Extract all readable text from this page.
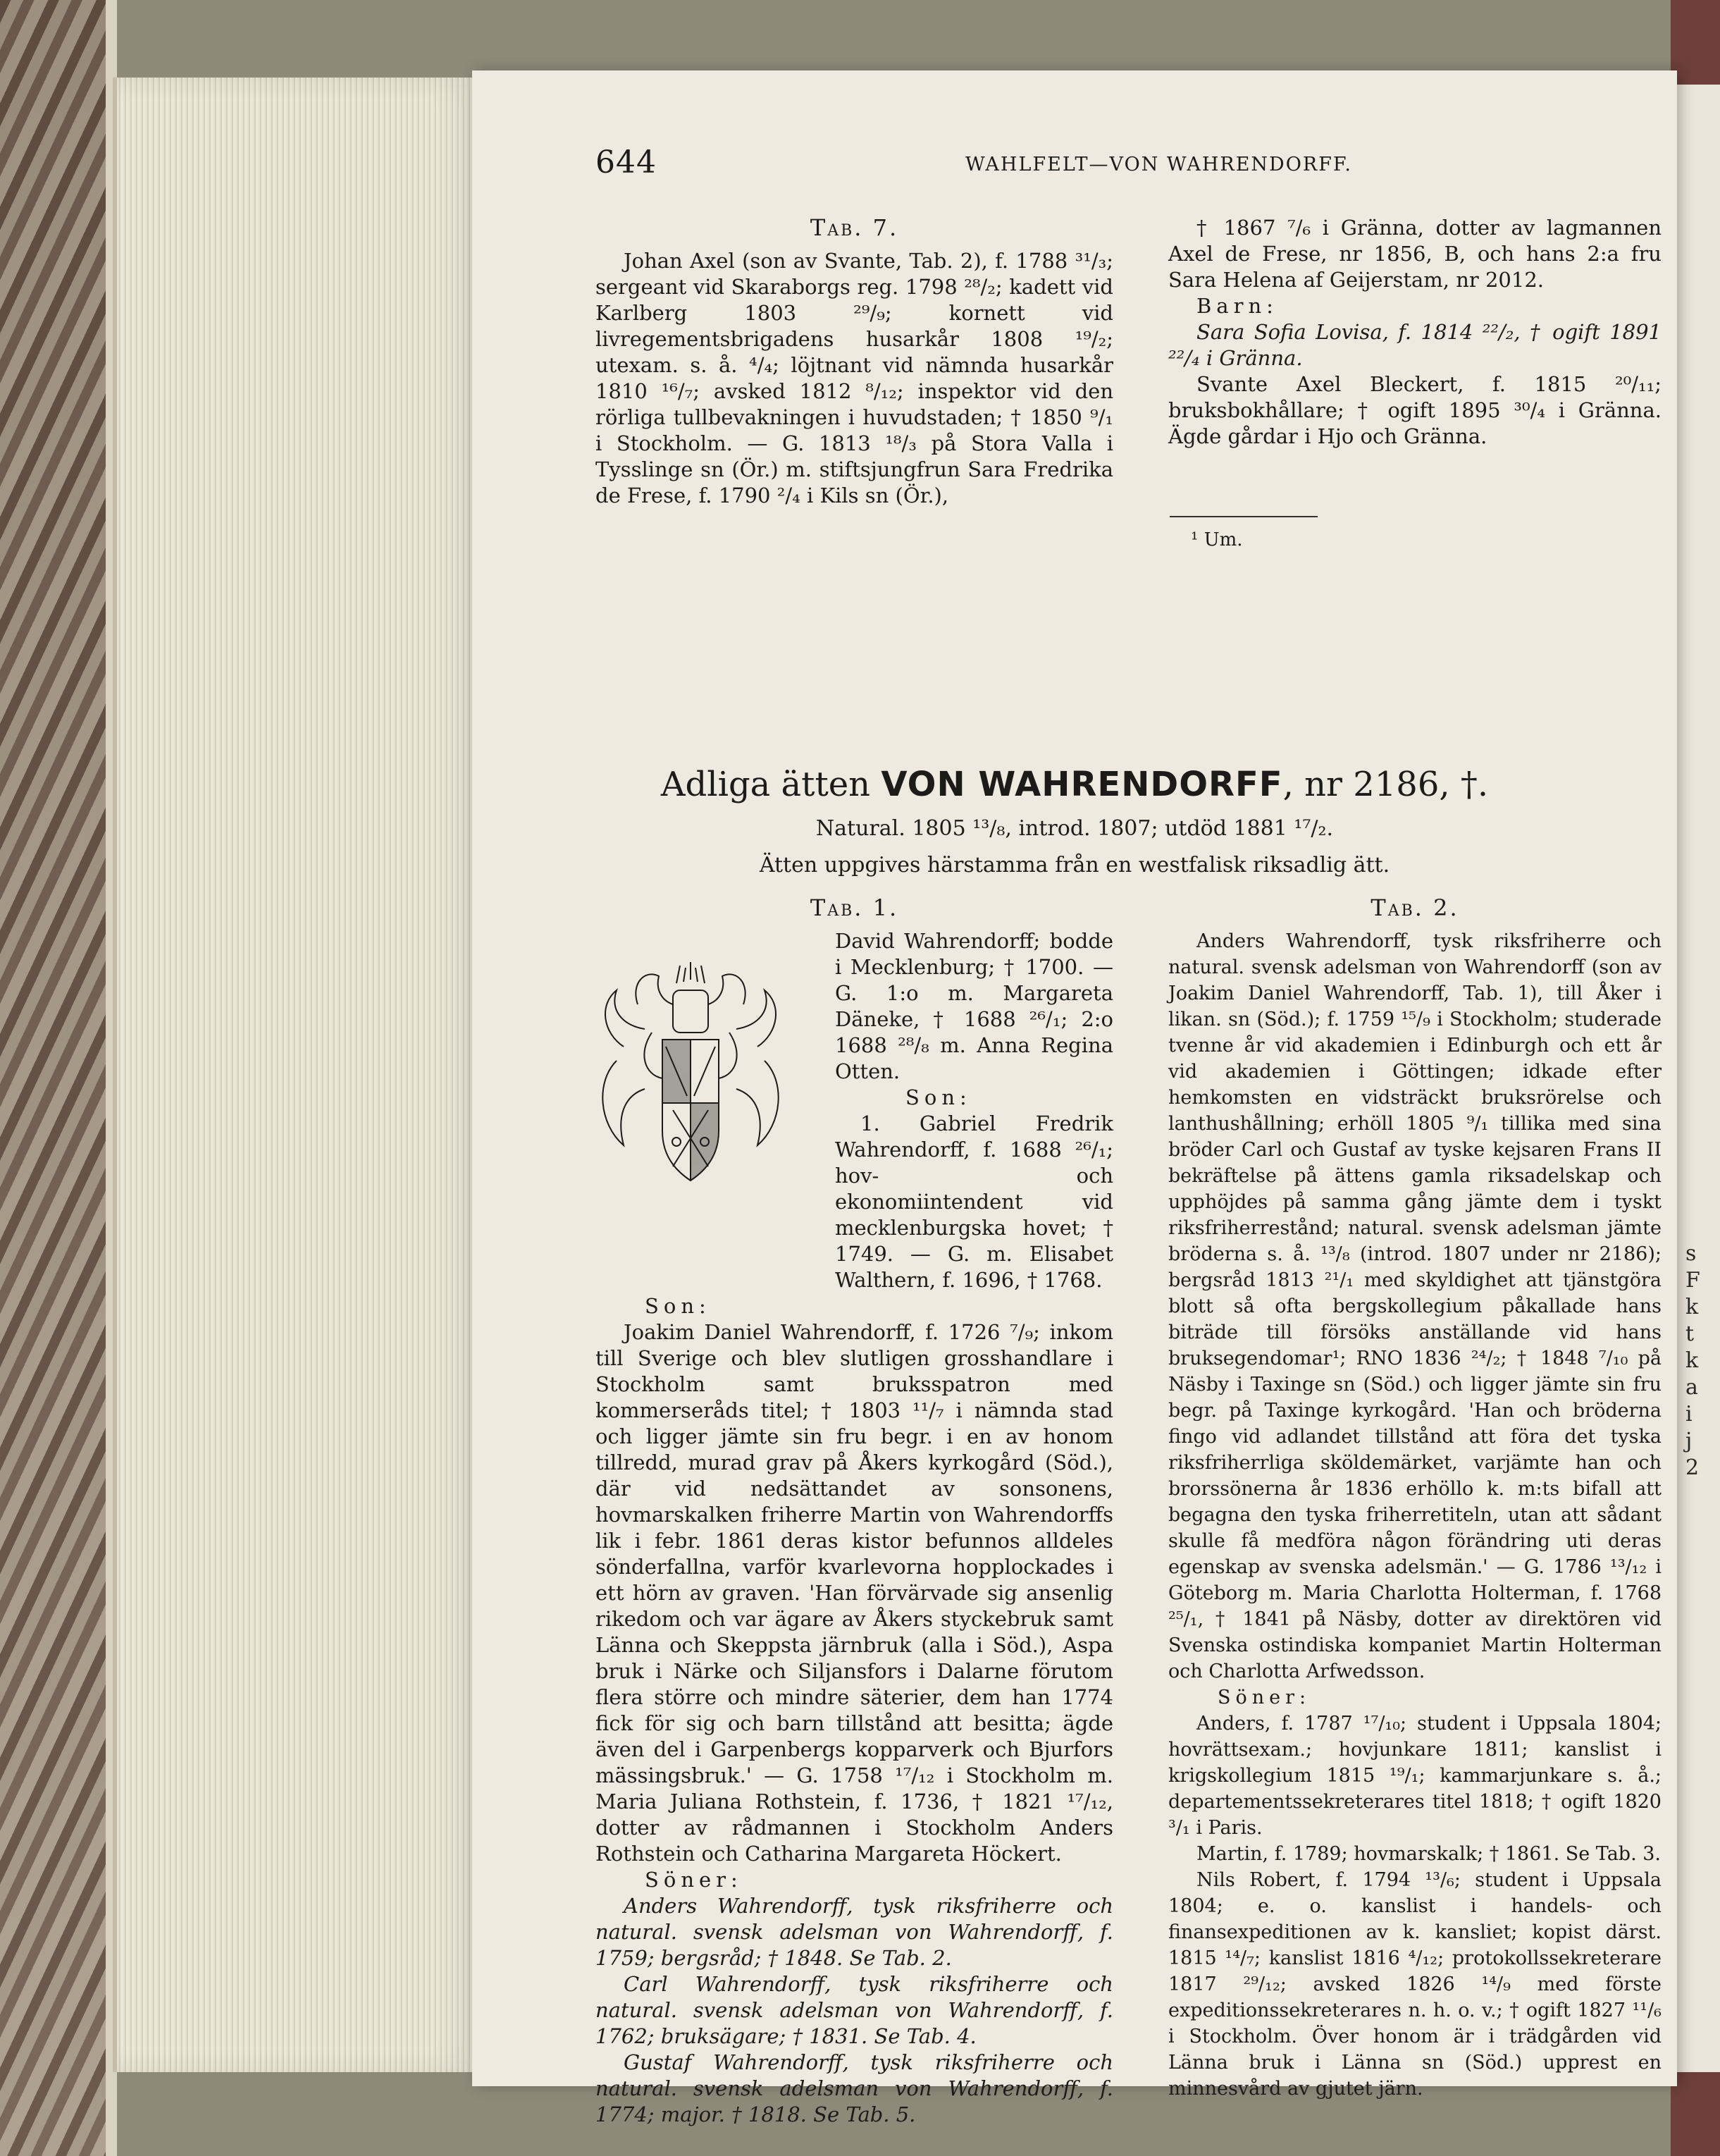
s
F
k
t
k
a
i
j
2
644	WAHLFELT—VON WAHRENDORFF.
Tab. 7.

Johan Axel (son av Svante, Tab. 2), f. 1788 ³¹/₃; sergeant vid Skaraborgs reg. 1798 ²⁸/₂; kadett vid Karlberg 1803 ²⁹/₉; kornett vid livregementsbrigadens husarkår 1808 ¹⁹/₂; utexam. s. å. ⁴/₄; löjtnant vid nämnda husarkår 1810 ¹⁶/₇; avsked 1812 ⁸/₁₂; inspektor vid den rörliga tullbevakningen i huvudstaden; † 1850 ⁹/₁ i Stockholm. — G. 1813 ¹⁸/₃ på Stora Valla i Tysslinge sn (Ör.) m. stiftsjungfrun Sara Fredrika de Frese, f. 1790 ²/₄ i Kils sn (Ör.),

† 1867 ⁷/₆ i Gränna, dotter av lagmannen Axel de Frese, nr 1856, B, och hans 2:a fru Sara Helena af Geijerstam, nr 2012.

Barn:

Sara Sofia Lovisa, f. 1814 ²²/₂, † ogift 1891 ²²/₄ i Gränna.

Svante Axel Bleckert, f. 1815 ²⁰/₁₁; bruksbokhållare; † ogift 1895 ³⁰/₄ i Gränna. Ägde gårdar i Hjo och Gränna.

¹ Um.
Adliga ätten VON WAHRENDORFF, nr 2186, †.
Natural. 1805 ¹³/₈, introd. 1807; utdöd 1881 ¹⁷/₂.
Ätten uppgives härstamma från en westfalisk riksadlig ätt.
Tab. 1.

David Wahrendorff; bodde i Mecklenburg; † 1700. — G. 1:o m. Margareta Däneke, † 1688 ²⁶/₁; 2:o 1688 ²⁸/₈ m. Anna Regina Otten.

Son:

1. Gabriel Fredrik Wahrendorff, f. 1688 ²⁶/₁; hov- och ekonomiintendent vid mecklenburgska hovet; † 1749. — G. m. Elisabet Walthern, f. 1696, † 1768.

Son:

Joakim Daniel Wahrendorff, f. 1726 ⁷/₉; inkom till Sverige och blev slutligen grosshandlare i Stockholm samt bruksspatron med kommerseråds titel; † 1803 ¹¹/₇ i nämnda stad och ligger jämte sin fru begr. i en av honom tillredd, murad grav på Åkers kyrkogård (Söd.), där vid nedsättandet av sonsonens, hovmarskalken friherre Martin von Wahrendorffs lik i febr. 1861 deras kistor befunnos alldeles sönderfallna, varför kvarlevorna hopplockades i ett hörn av graven. 'Han förvärvade sig ansenlig rikedom och var ägare av Åkers styckebruk samt Länna och Skeppsta järnbruk (alla i Söd.), Aspa bruk i Närke och Siljansfors i Dalarne förutom flera större och mindre säterier, dem han 1774 fick för sig och barn tillstånd att besitta; ägde även del i Garpenbergs kopparverk och Bjurfors mässingsbruk.' — G. 1758 ¹⁷/₁₂ i Stockholm m. Maria Juliana Rothstein, f. 1736, † 1821 ¹⁷/₁₂, dotter av rådmannen i Stockholm Anders Rothstein och Catharina Margareta Höckert.

Söner:

Anders Wahrendorff, tysk riksfriherre och natural. svensk adelsman von Wahrendorff, f. 1759; bergsråd; † 1848. Se Tab. 2.

Carl Wahrendorff, tysk riksfriherre och natural. svensk adelsman von Wahrendorff, f. 1762; bruksägare; † 1831. Se Tab. 4.

Gustaf Wahrendorff, tysk riksfriherre och natural. svensk adelsman von Wahrendorff, f. 1774; major. † 1818. Se Tab. 5.

Tab. 2.

Anders Wahrendorff, tysk riksfriherre och natural. svensk adelsman von Wahrendorff (son av Joakim Daniel Wahrendorff, Tab. 1), till Åker i likan. sn (Söd.); f. 1759 ¹⁵/₉ i Stockholm; studerade tvenne år vid akademien i Edinburgh och ett år vid akademien i Göttingen; idkade efter hemkomsten en vidsträckt bruksrörelse och lanthushållning; erhöll 1805 ⁹/₁ tillika med sina bröder Carl och Gustaf av tyske kejsaren Frans II bekräftelse på ättens gamla riksadelskap och upphöjdes på samma gång jämte dem i tyskt riksfriherrestånd; natural. svensk adelsman jämte bröderna s. å. ¹³/₈ (introd. 1807 under nr 2186); bergsråd 1813 ²¹/₁ med skyldighet att tjänstgöra blott så ofta bergskollegium påkallade hans biträde till försöks anställande vid hans bruksegendomar¹; RNO 1836 ²⁴/₂; † 1848 ⁷/₁₀ på Näsby i Taxinge sn (Söd.) och ligger jämte sin fru begr. på Taxinge kyrkogård. 'Han och bröderna fingo vid adlandet tillstånd att föra det tyska riksfriherrliga sköldemärket, varjämte han och brorssönerna år 1836 erhöllo k. m:ts bifall att begagna den tyska friherretiteln, utan att sådant skulle få medföra någon förändring uti deras egenskap av svenska adelsmän.' — G. 1786 ¹³/₁₂ i Göteborg m. Maria Charlotta Holterman, f. 1768 ²⁵/₁, † 1841 på Näsby, dotter av direktören vid Svenska ostindiska kompaniet Martin Holterman och Charlotta Arfwedsson.

Söner:

Anders, f. 1787 ¹⁷/₁₀; student i Uppsala 1804; hovrättsexam.; hovjunkare 1811; kanslist i krigskollegium 1815 ¹⁹/₁; kammarjunkare s. å.; departementssekreterares titel 1818; † ogift 1820 ³/₁ i Paris.

Martin, f. 1789; hovmarskalk; † 1861. Se Tab. 3.

Nils Robert, f. 1794 ¹³/₆; student i Uppsala 1804; e. o. kanslist i handels- och finansexpeditionen av k. kansliet; kopist därst. 1815 ¹⁴/₇; kanslist 1816 ⁴/₁₂; protokollssekreterare 1817 ²⁹/₁₂; avsked 1826 ¹⁴/₉ med förste expeditionssekreterares n. h. o. v.; † ogift 1827 ¹¹/₆ i Stockholm. Över honom är i trädgården vid Länna bruk i Länna sn (Söd.) upprest en minnesvård av gjutet järn.
